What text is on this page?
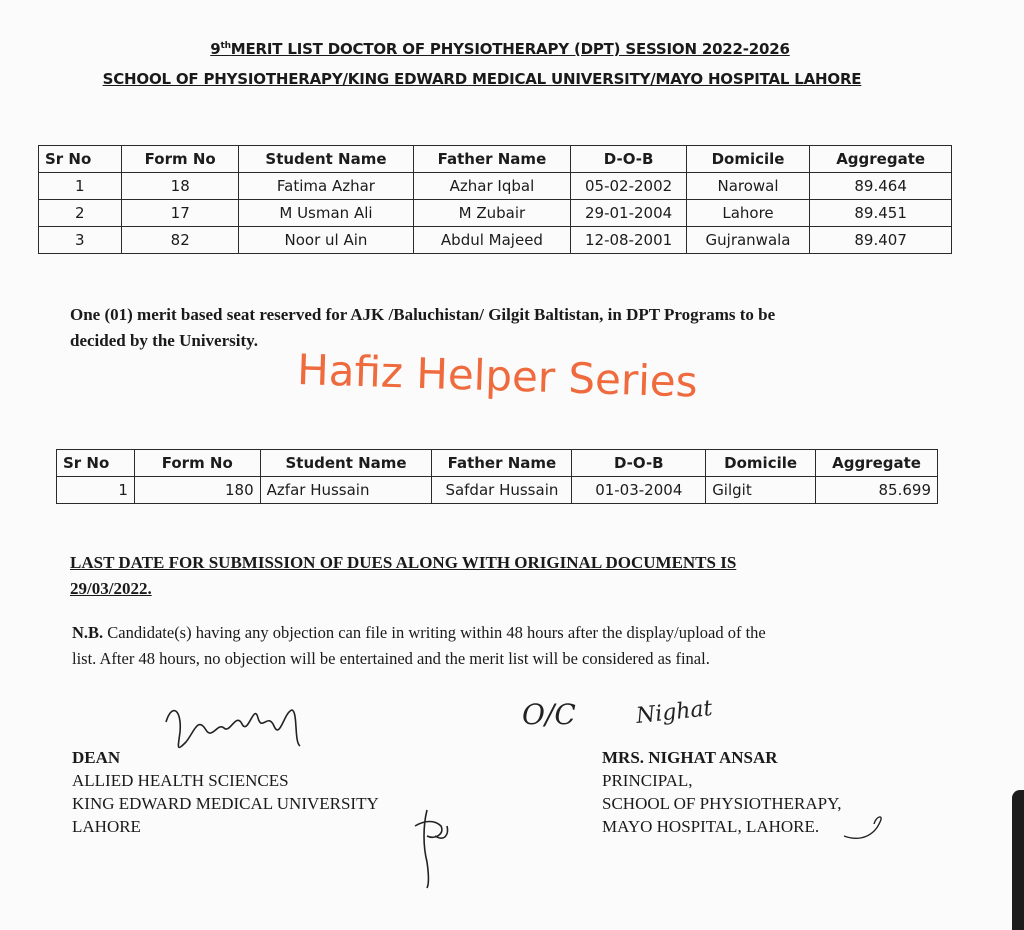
9thMERIT LIST DOCTOR OF PHYSIOTHERAPY (DPT) SESSION 2022-2026
SCHOOL OF PHYSIOTHERAPY/KING EDWARD MEDICAL UNIVERSITY/MAYO HOSPITAL LAHORE
Sr No	Form No	Student Name	Father Name	D-O-B	Domicile	Aggregate
1	18	Fatima Azhar	Azhar Iqbal	05-02-2002	Narowal	89.464
2	17	M Usman Ali	M Zubair	29-01-2004	Lahore	89.451
3	82	Noor ul Ain	Abdul Majeed	12-08-2001	Gujranwala	89.407
One (01) merit based seat reserved for AJK /Baluchistan/ Gilgit Baltistan, in DPT Programs to be
decided by the University.
Hafiz Helper Series
Sr No	Form No	Student Name	Father Name	D-O-B	Domicile	Aggregate
1	180	Azfar Hussain	Safdar Hussain	01-03-2004	Gilgit	85.699
LAST DATE FOR SUBMISSION OF DUES ALONG WITH ORIGINAL DOCUMENTS IS
29/03/2022.
N.B. Candidate(s) having any objection can file in writing within 48 hours after the display/upload of the
list. After 48 hours, no objection will be entertained and the merit list will be considered as final.
DEAN
ALLIED HEALTH SCIENCES
KING EDWARD MEDICAL UNIVERSITY
LAHORE
O/C	Nighat
MRS. NIGHAT ANSAR
PRINCIPAL,
SCHOOL OF PHYSIOTHERAPY,
MAYO HOSPITAL, LAHORE.
